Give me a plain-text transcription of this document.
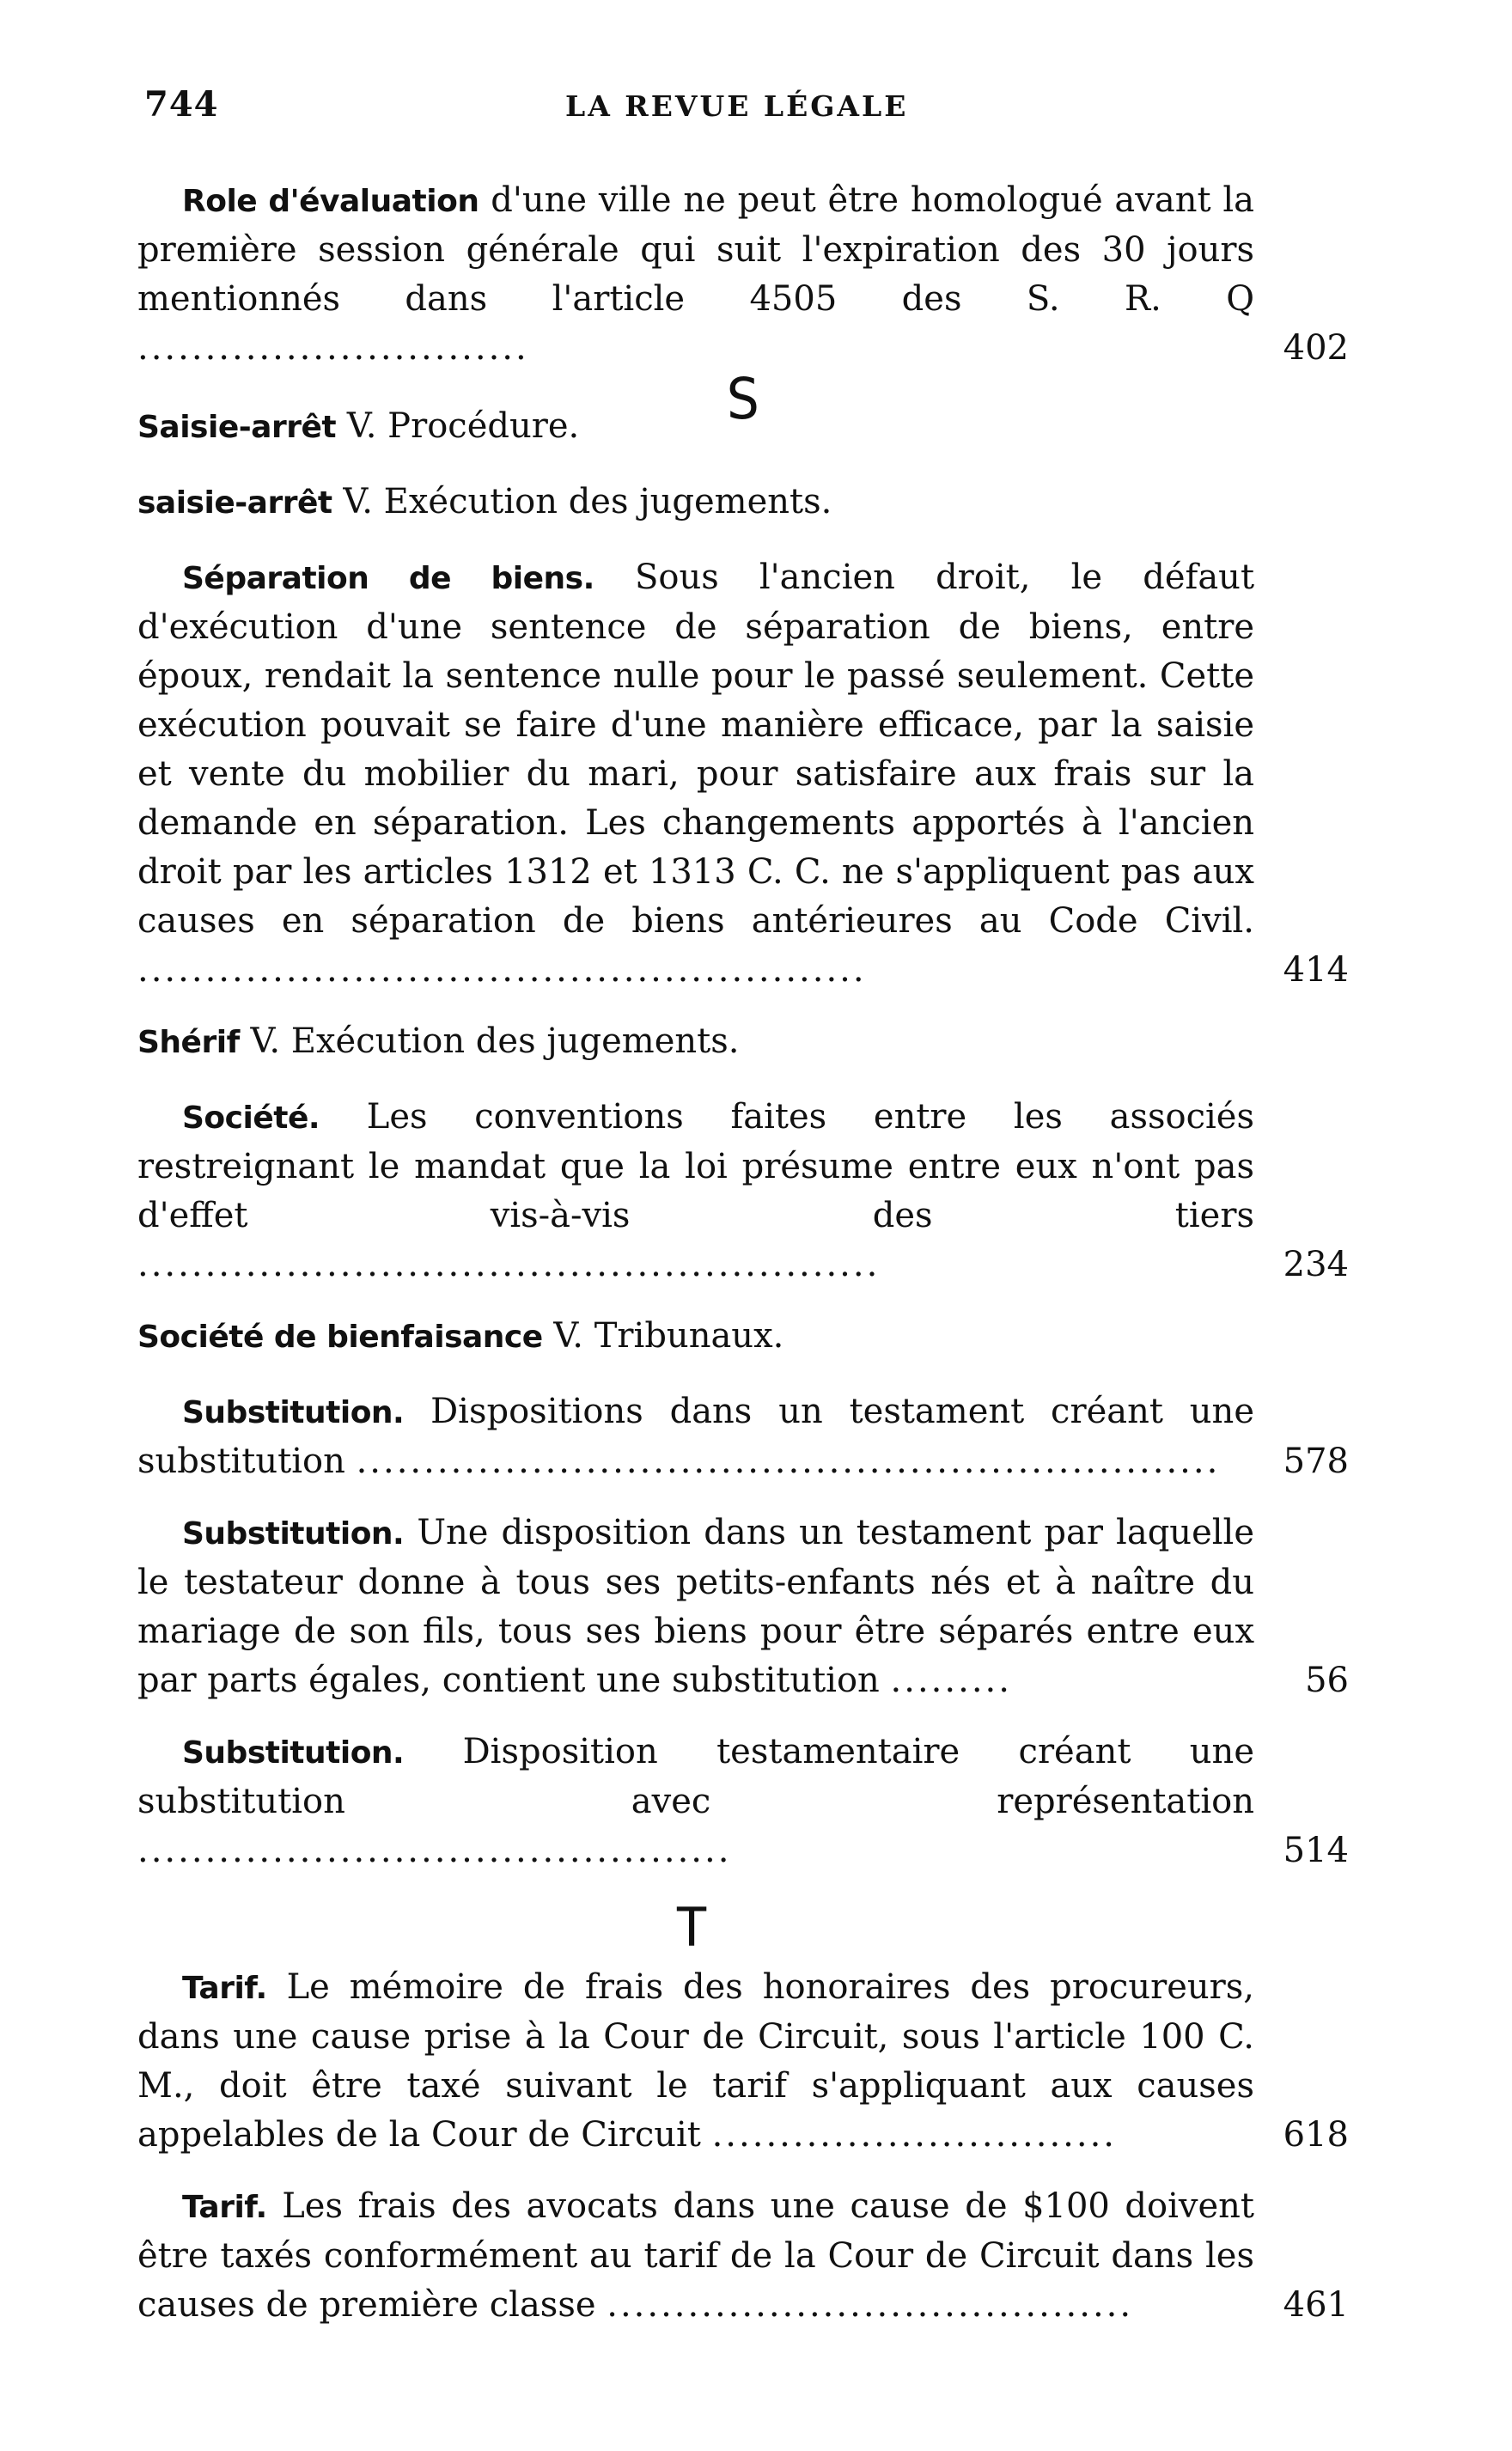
744	LA REVUE LÉGALE
Role d'évaluation d'une ville ne peut être homologué avant la première session générale qui suit l'expiration des 30 jours mentionnés dans l'article 4505 des S. R. Q .............................	402
S
Saisie-arrêt V. Procédure.
saisie-arrêt V. Exécution des jugements.
Séparation de biens. Sous l'ancien droit, le défaut d'exécution d'une sentence de séparation de biens, entre époux, rendait la sentence nulle pour le passé seulement. Cette exécution pouvait se faire d'une manière efficace, par la saisie et vente du mobilier du mari, pour satisfaire aux frais sur la demande en séparation. Les changements apportés à l'ancien droit par les articles 1312 et 1313 C. C. ne s'appliquent pas aux causes en séparation de biens antérieures au Code Civil. ......................................................	414
Shérif V. Exécution des jugements.
Société. Les conventions faites entre les associés restreignant le mandat que la loi présume entre eux n'ont pas d'effet vis-à-vis des tiers .......................................................	234
Société de bienfaisance V. Tribunaux.
Substitution. Dispositions dans un testament créant une substitution ................................................................	578
Substitution. Une disposition dans un testament par laquelle le testateur donne à tous ses petits-enfants nés et à naître du mariage de son fils, tous ses biens pour être séparés entre eux par parts égales, contient une substitution .........	56
Substitution. Disposition testamentaire créant une substitution avec représentation ............................................	514
T
Tarif. Le mémoire de frais des honoraires des procureurs, dans une cause prise à la Cour de Circuit, sous l'article 100 C. M., doit être taxé suivant le tarif s'appliquant aux causes appelables de la Cour de Circuit ..............................	618
Tarif. Les frais des avocats dans une cause de $100 doivent être taxés conformément au tarif de la Cour de Circuit dans les causes de première classe .......................................	461
